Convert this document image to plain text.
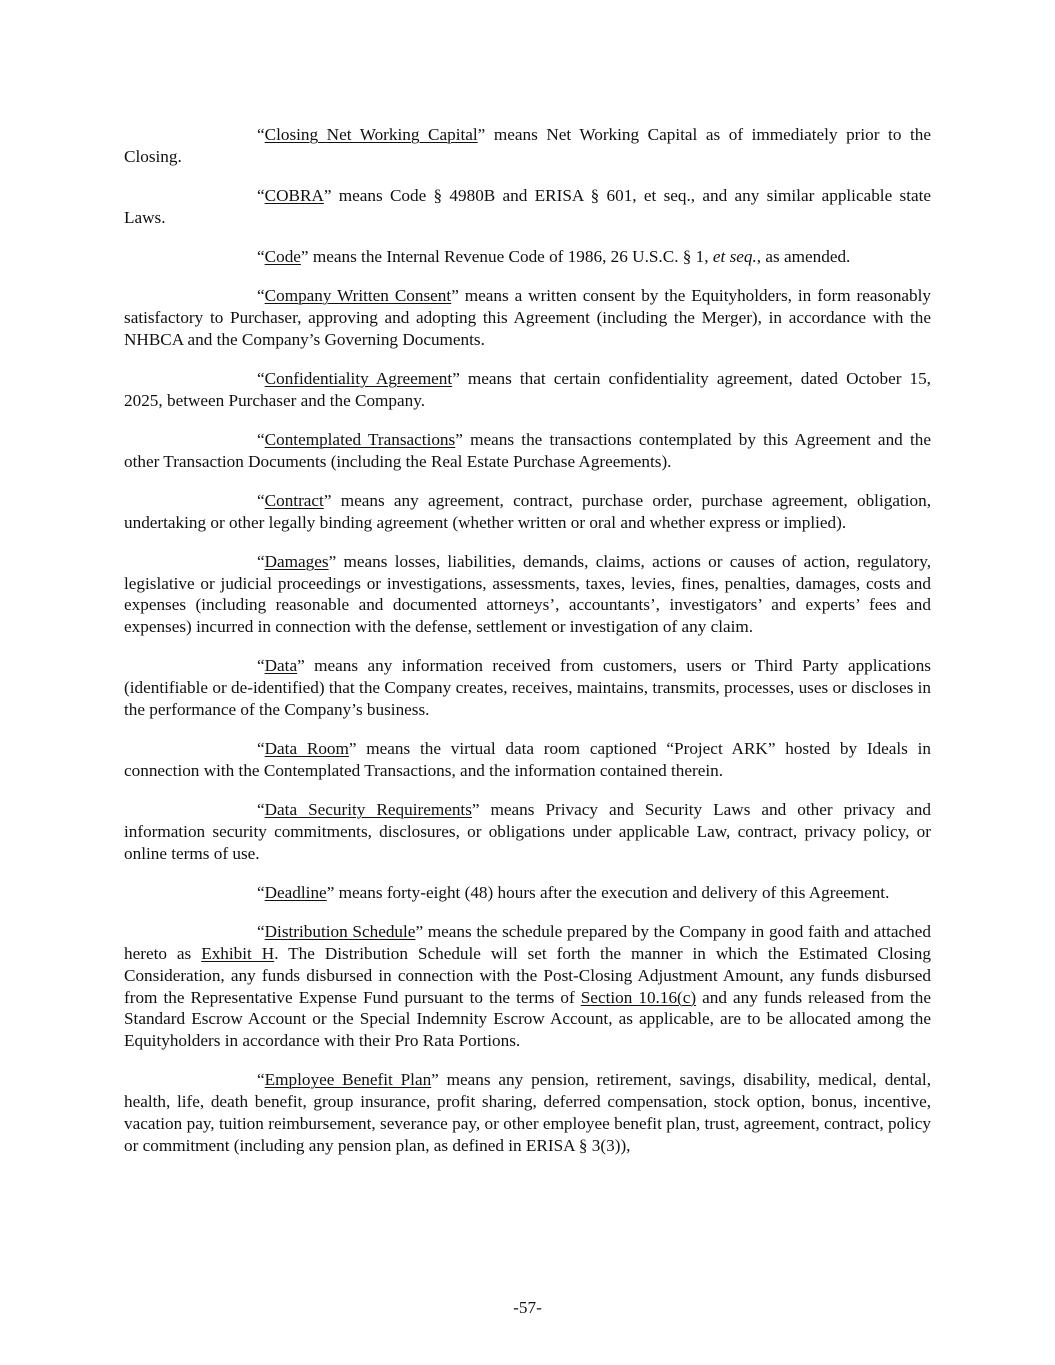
“Closing Net Working Capital” means Net Working Capital as of immediately prior to the Closing.

“COBRA” means Code § 4980B and ERISA § 601, et seq., and any similar applicable state Laws.

“Code” means the Internal Revenue Code of 1986, 26 U.S.C. § 1, et seq., as amended.

“Company Written Consent” means a written consent by the Equityholders, in form reasonably satisfactory to Purchaser, approving and adopting this Agreement (including the Merger), in accordance with the NHBCA and the Company’s Governing Documents.

“Confidentiality Agreement” means that certain confidentiality agreement, dated October 15, 2025, between Purchaser and the Company.

“Contemplated Transactions” means the transactions contemplated by this Agreement and the other Transaction Documents (including the Real Estate Purchase Agreements).

“Contract” means any agreement, contract, purchase order, purchase agreement, obligation, undertaking or other legally binding agreement (whether written or oral and whether express or implied).

“Damages” means losses, liabilities, demands, claims, actions or causes of action, regulatory, legislative or judicial proceedings or investigations, assessments, taxes, levies, fines, penalties, damages, costs and expenses (including reasonable and documented attorneys’, accountants’, investigators’ and experts’ fees and expenses) incurred in connection with the defense, settlement or investigation of any claim.

“Data” means any information received from customers, users or Third Party applications (identifiable or de-identified) that the Company creates, receives, maintains, transmits, processes, uses or discloses in the performance of the Company’s business.

“Data Room” means the virtual data room captioned “Project ARK” hosted by Ideals in connection with the Contemplated Transactions, and the information contained therein.

“Data Security Requirements” means Privacy and Security Laws and other privacy and information security commitments, disclosures, or obligations under applicable Law, contract, privacy policy, or online terms of use.

“Deadline” means forty-eight (48) hours after the execution and delivery of this Agreement.

“Distribution Schedule” means the schedule prepared by the Company in good faith and attached hereto as Exhibit H. The Distribution Schedule will set forth the manner in which the Estimated Closing Consideration, any funds disbursed in connection with the Post-Closing Adjustment Amount, any funds disbursed from the Representative Expense Fund pursuant to the terms of Section 10.16(c) and any funds released from the Standard Escrow Account or the Special Indemnity Escrow Account, as applicable, are to be allocated among the Equityholders in accordance with their Pro Rata Portions.

“Employee Benefit Plan” means any pension, retirement, savings, disability, medical, dental, health, life, death benefit, group insurance, profit sharing, deferred compensation, stock option, bonus, incentive, vacation pay, tuition reimbursement, severance pay, or other employee benefit plan, trust, agreement, contract, policy or commitment (including any pension plan, as defined in ERISA § 3(3)),

-57-
